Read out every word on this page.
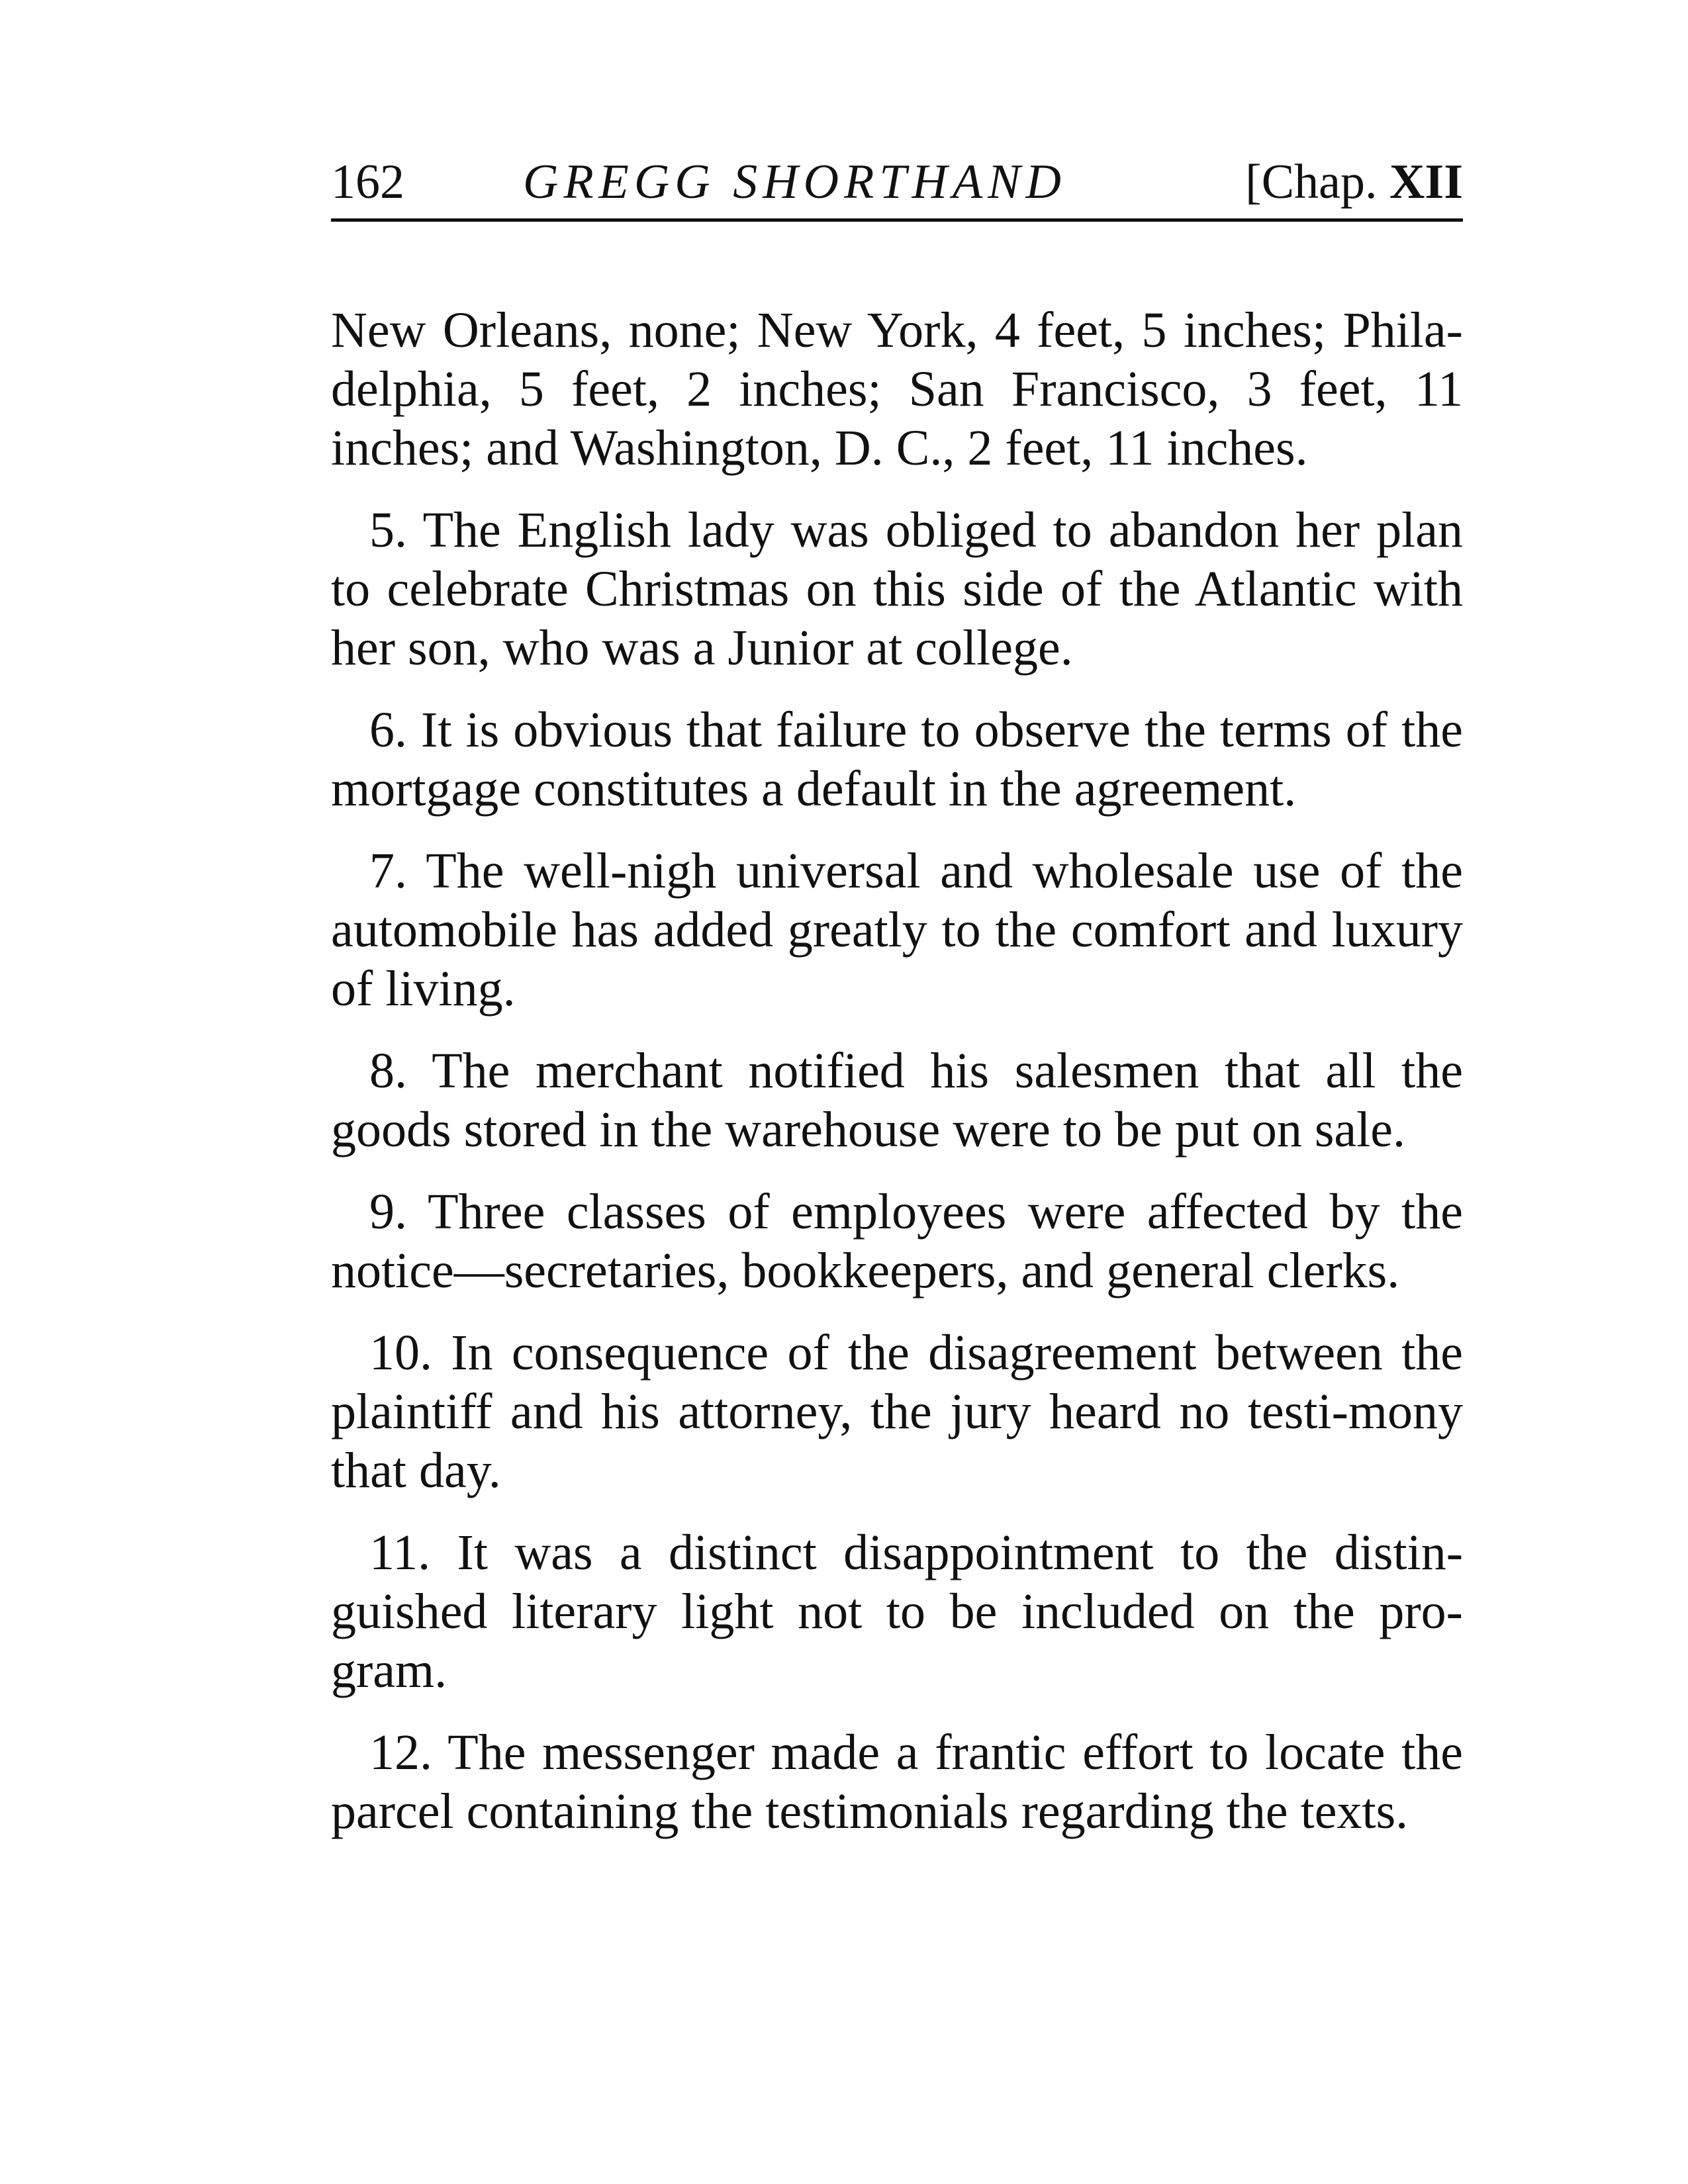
162 GREGG SHORTHAND	[Chap. XII

New Orleans, none; New York, 4 feet, 5 inches; Phila-delphia, 5 feet, 2 inches; San Francisco, 3 feet, 11 inches; and Washington, D. C., 2 feet, 11 inches.

5. The English lady was obliged to abandon her plan to celebrate Christmas on this side of the Atlantic with her son, who was a Junior at college.

6. It is obvious that failure to observe the terms of the mortgage constitutes a default in the agreement.

7. The well-nigh universal and wholesale use of the automobile has added greatly to the comfort and luxury of living.

8. The merchant notified his salesmen that all the goods stored in the warehouse were to be put on sale.

9. Three classes of employees were affected by the notice—secretaries, bookkeepers, and general clerks.

10. In consequence of the disagreement between the plaintiff and his attorney, the jury heard no testi-mony that day.

11. It was a distinct disappointment to the distin-guished literary light not to be included on the pro-gram.

12. The messenger made a frantic effort to locate the parcel containing the testimonials regarding the texts.
